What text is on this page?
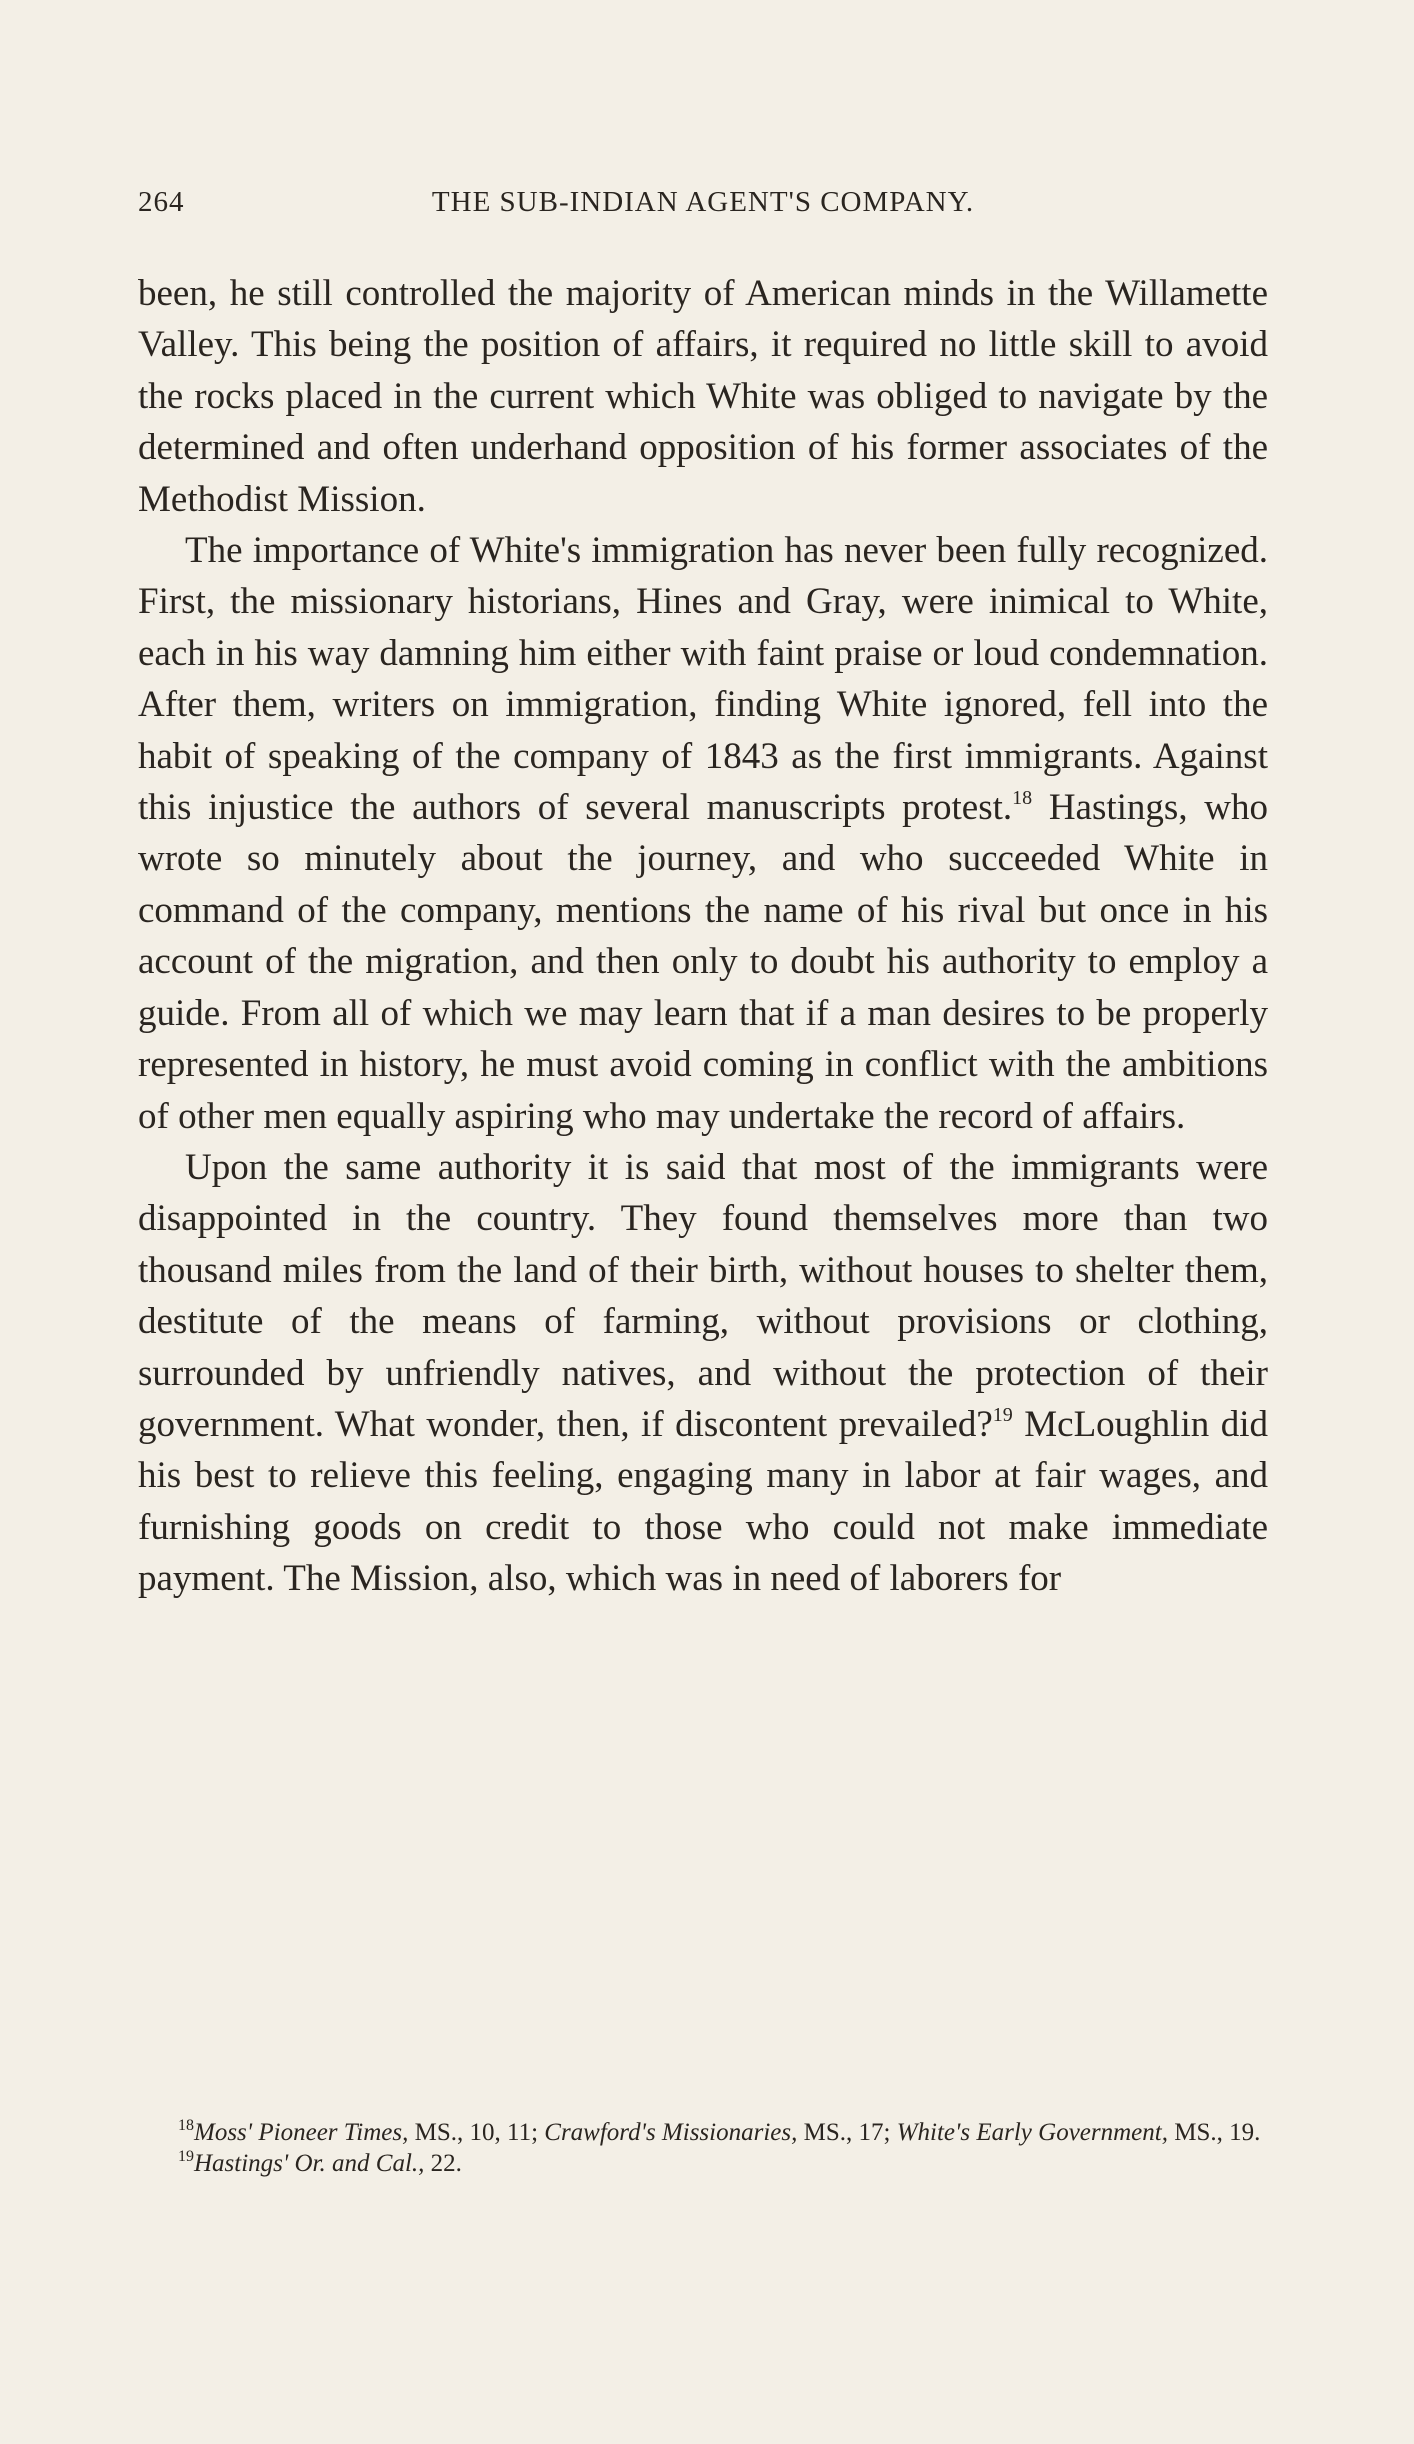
264	THE SUB-INDIAN AGENT'S COMPANY.

been, he still controlled the majority of American minds in the Willamette Valley. This being the position of affairs, it required no little skill to avoid the rocks placed in the current which White was obliged to navigate by the determined and often underhand opposition of his former associates of the Methodist Mission.

The importance of White's immigration has never been fully recognized. First, the missionary historians, Hines and Gray, were inimical to White, each in his way damning him either with faint praise or loud condemnation. After them, writers on immigration, finding White ignored, fell into the habit of speaking of the company of 1843 as the first immigrants. Against this injustice the authors of several manuscripts protest.$^{18}$ Hastings, who wrote so minutely about the journey, and who succeeded White in command of the company, mentions the name of his rival but once in his account of the migration, and then only to doubt his authority to employ a guide. From all of which we may learn that if a man desires to be properly represented in history, he must avoid coming in conflict with the ambitions of other men equally aspiring who may undertake the record of affairs.

Upon the same authority it is said that most of the immigrants were disappointed in the country. They found themselves more than two thousand miles from the land of their birth, without houses to shelter them, destitute of the means of farming, without provisions or clothing, surrounded by unfriendly natives, and without the protection of their government. What wonder, then, if discontent prevailed?$^{19}$ McLoughlin did his best to relieve this feeling, engaging many in labor at fair wages, and furnishing goods on credit to those who could not make immediate payment. The Mission, also, which was in need of laborers for

$^{18}$Moss' Pioneer Times, MS., 10, 11; Crawford's Missionaries, MS., 17; White's Early Government, MS., 19.

$^{19}$Hastings' Or. and Cal., 22.
